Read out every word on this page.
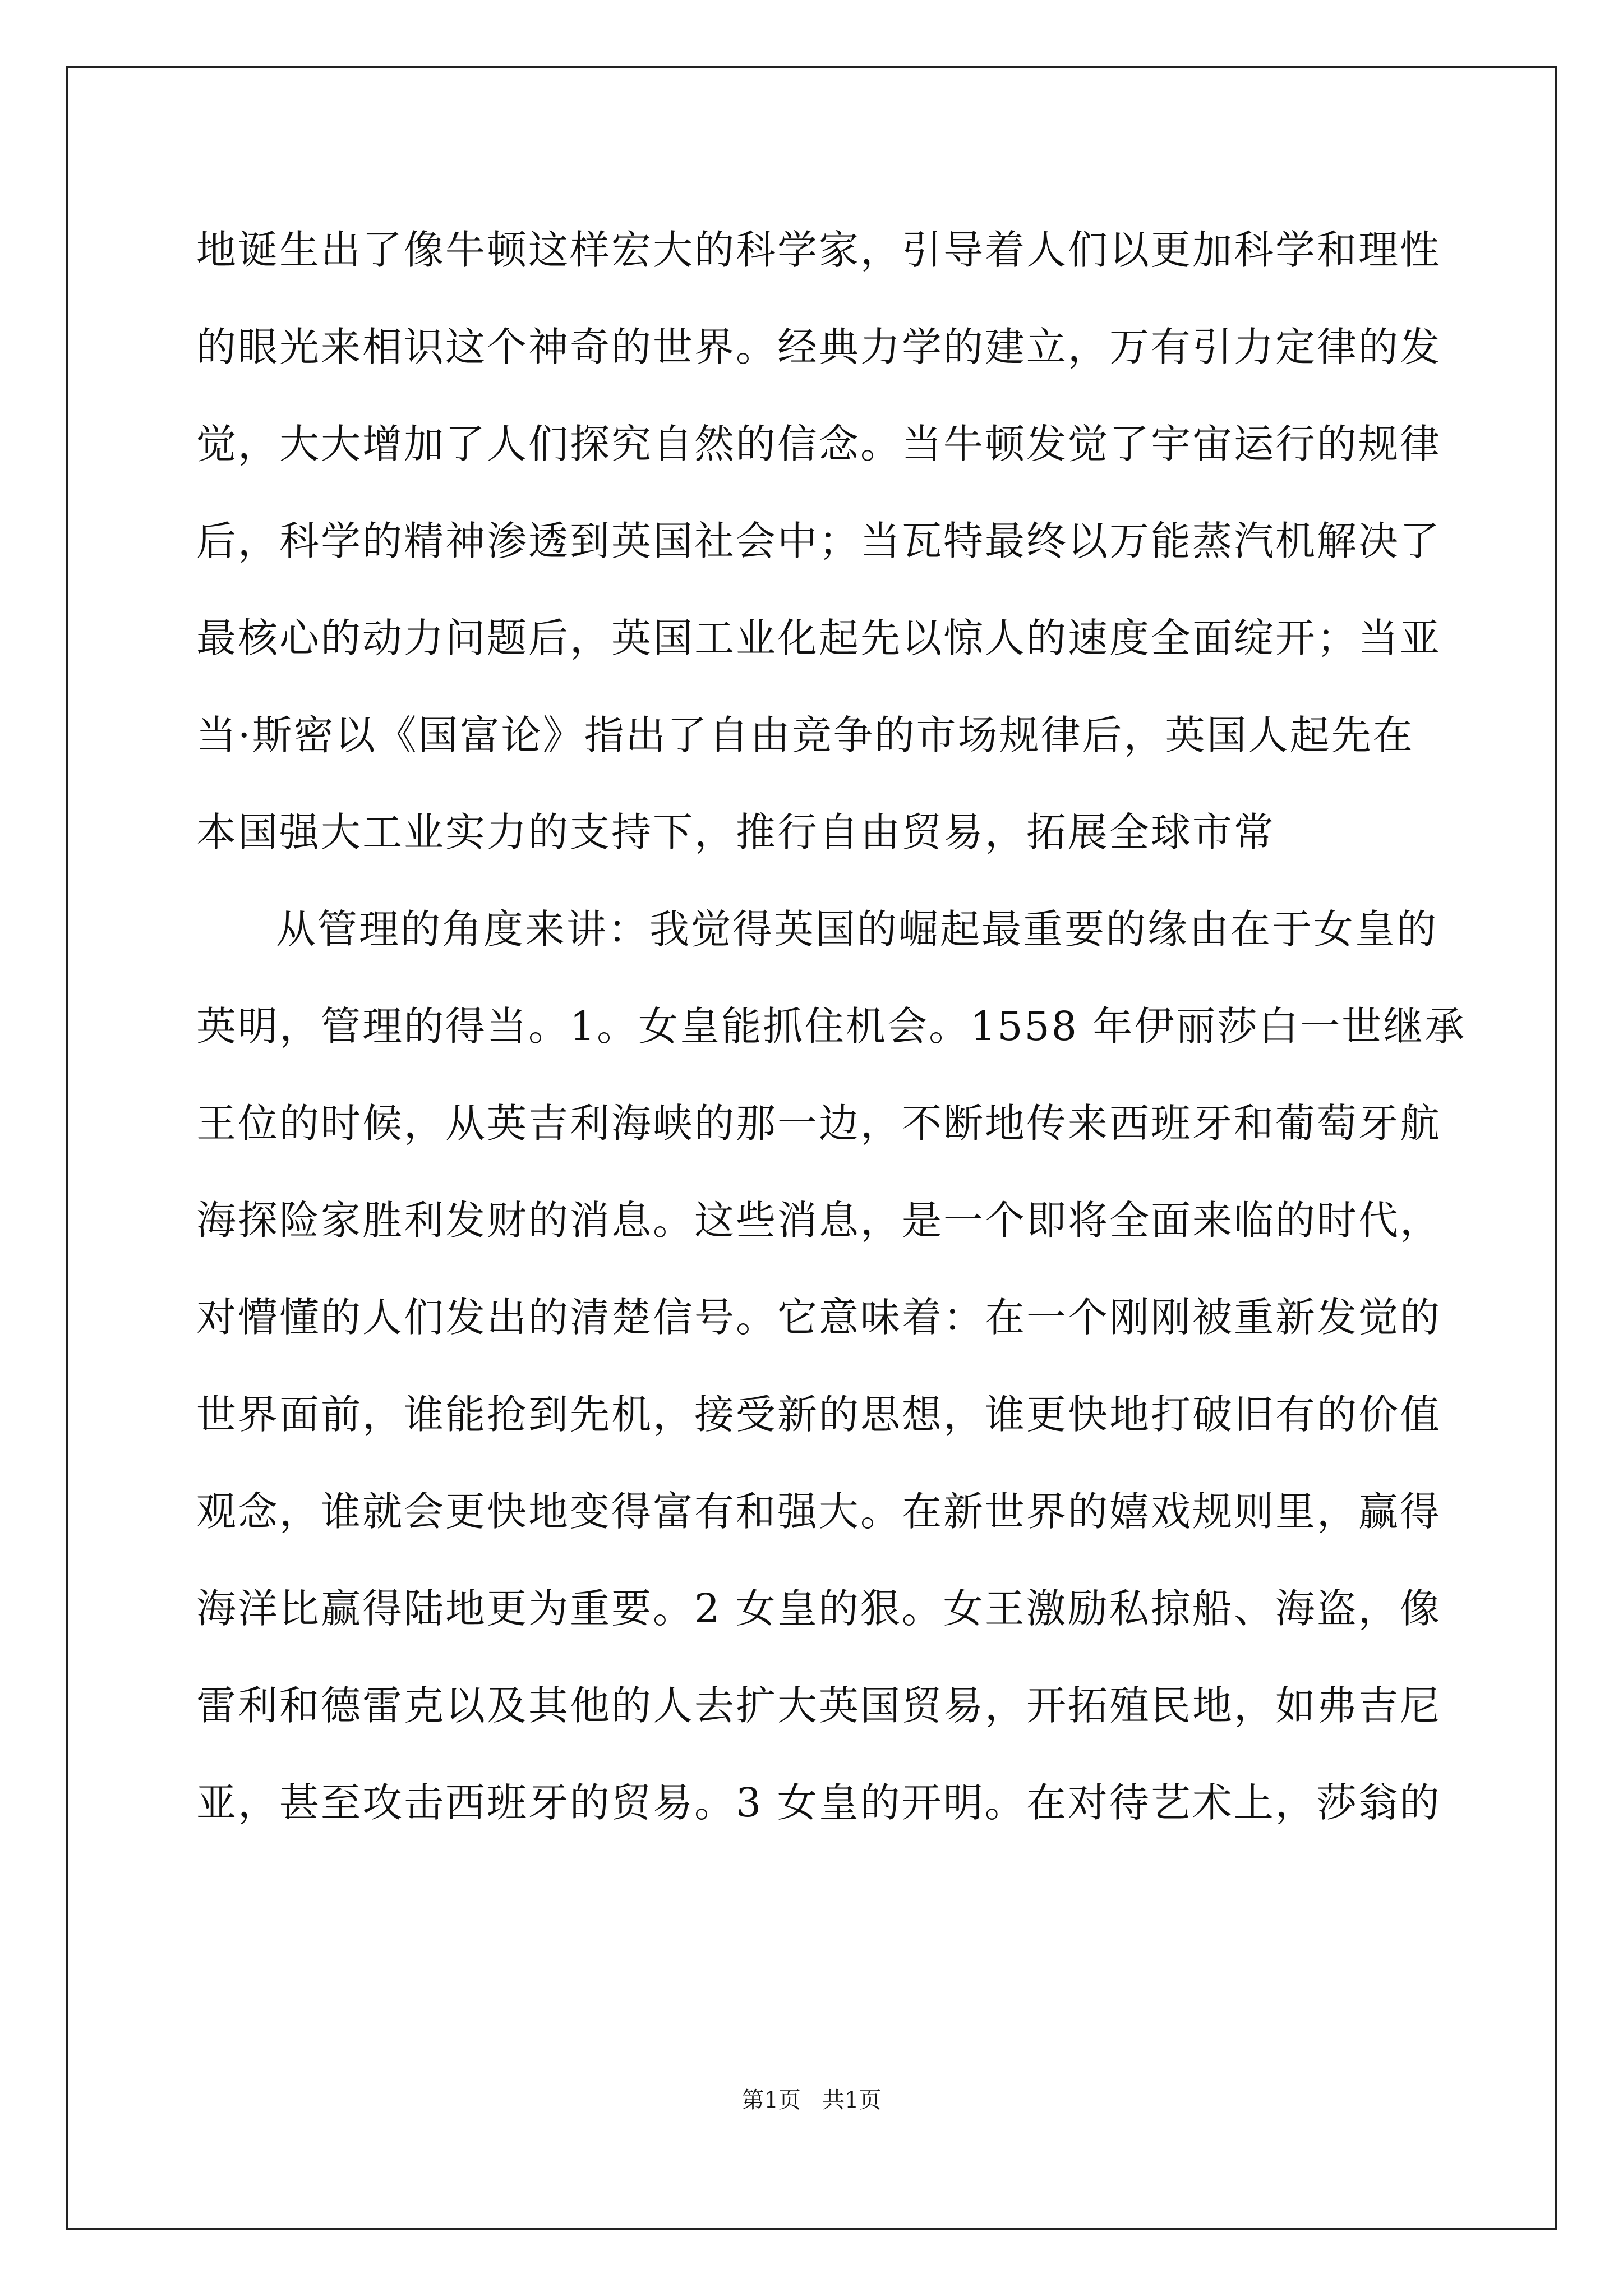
地诞生出了像牛顿这样宏大的科学家，引导着人们以更加科学和理性
的眼光来相识这个神奇的世界。经典力学的建立，万有引力定律的发
觉，大大增加了人们探究自然的信念。当牛顿发觉了宇宙运行的规律
后，科学的精神渗透到英国社会中；当瓦特最终以万能蒸汽机解决了
最核心的动力问题后，英国工业化起先以惊人的速度全面绽开；当亚
当·斯密以《国富论》指出了自由竞争的市场规律后，英国人起先在
本国强大工业实力的支持下，推行自由贸易，拓展全球市常
从管理的角度来讲：我觉得英国的崛起最重要的缘由在于女皇的
英明，管理的得当。1。女皇能抓住机会。1558 年伊丽莎白一世继承
王位的时候，从英吉利海峡的那一边，不断地传来西班牙和葡萄牙航
海探险家胜利发财的消息。这些消息，是一个即将全面来临的时代，
对懵懂的人们发出的清楚信号。它意味着：在一个刚刚被重新发觉的
世界面前，谁能抢到先机，接受新的思想，谁更快地打破旧有的价值
观念，谁就会更快地变得富有和强大。在新世界的嬉戏规则里，赢得
海洋比赢得陆地更为重要。2 女皇的狠。女王激励私掠船、海盗，像
雷利和德雷克以及其他的人去扩大英国贸易，开拓殖民地，如弗吉尼
亚，甚至攻击西班牙的贸易。3 女皇的开明。在对待艺术上，莎翁的
第1页   共1页
